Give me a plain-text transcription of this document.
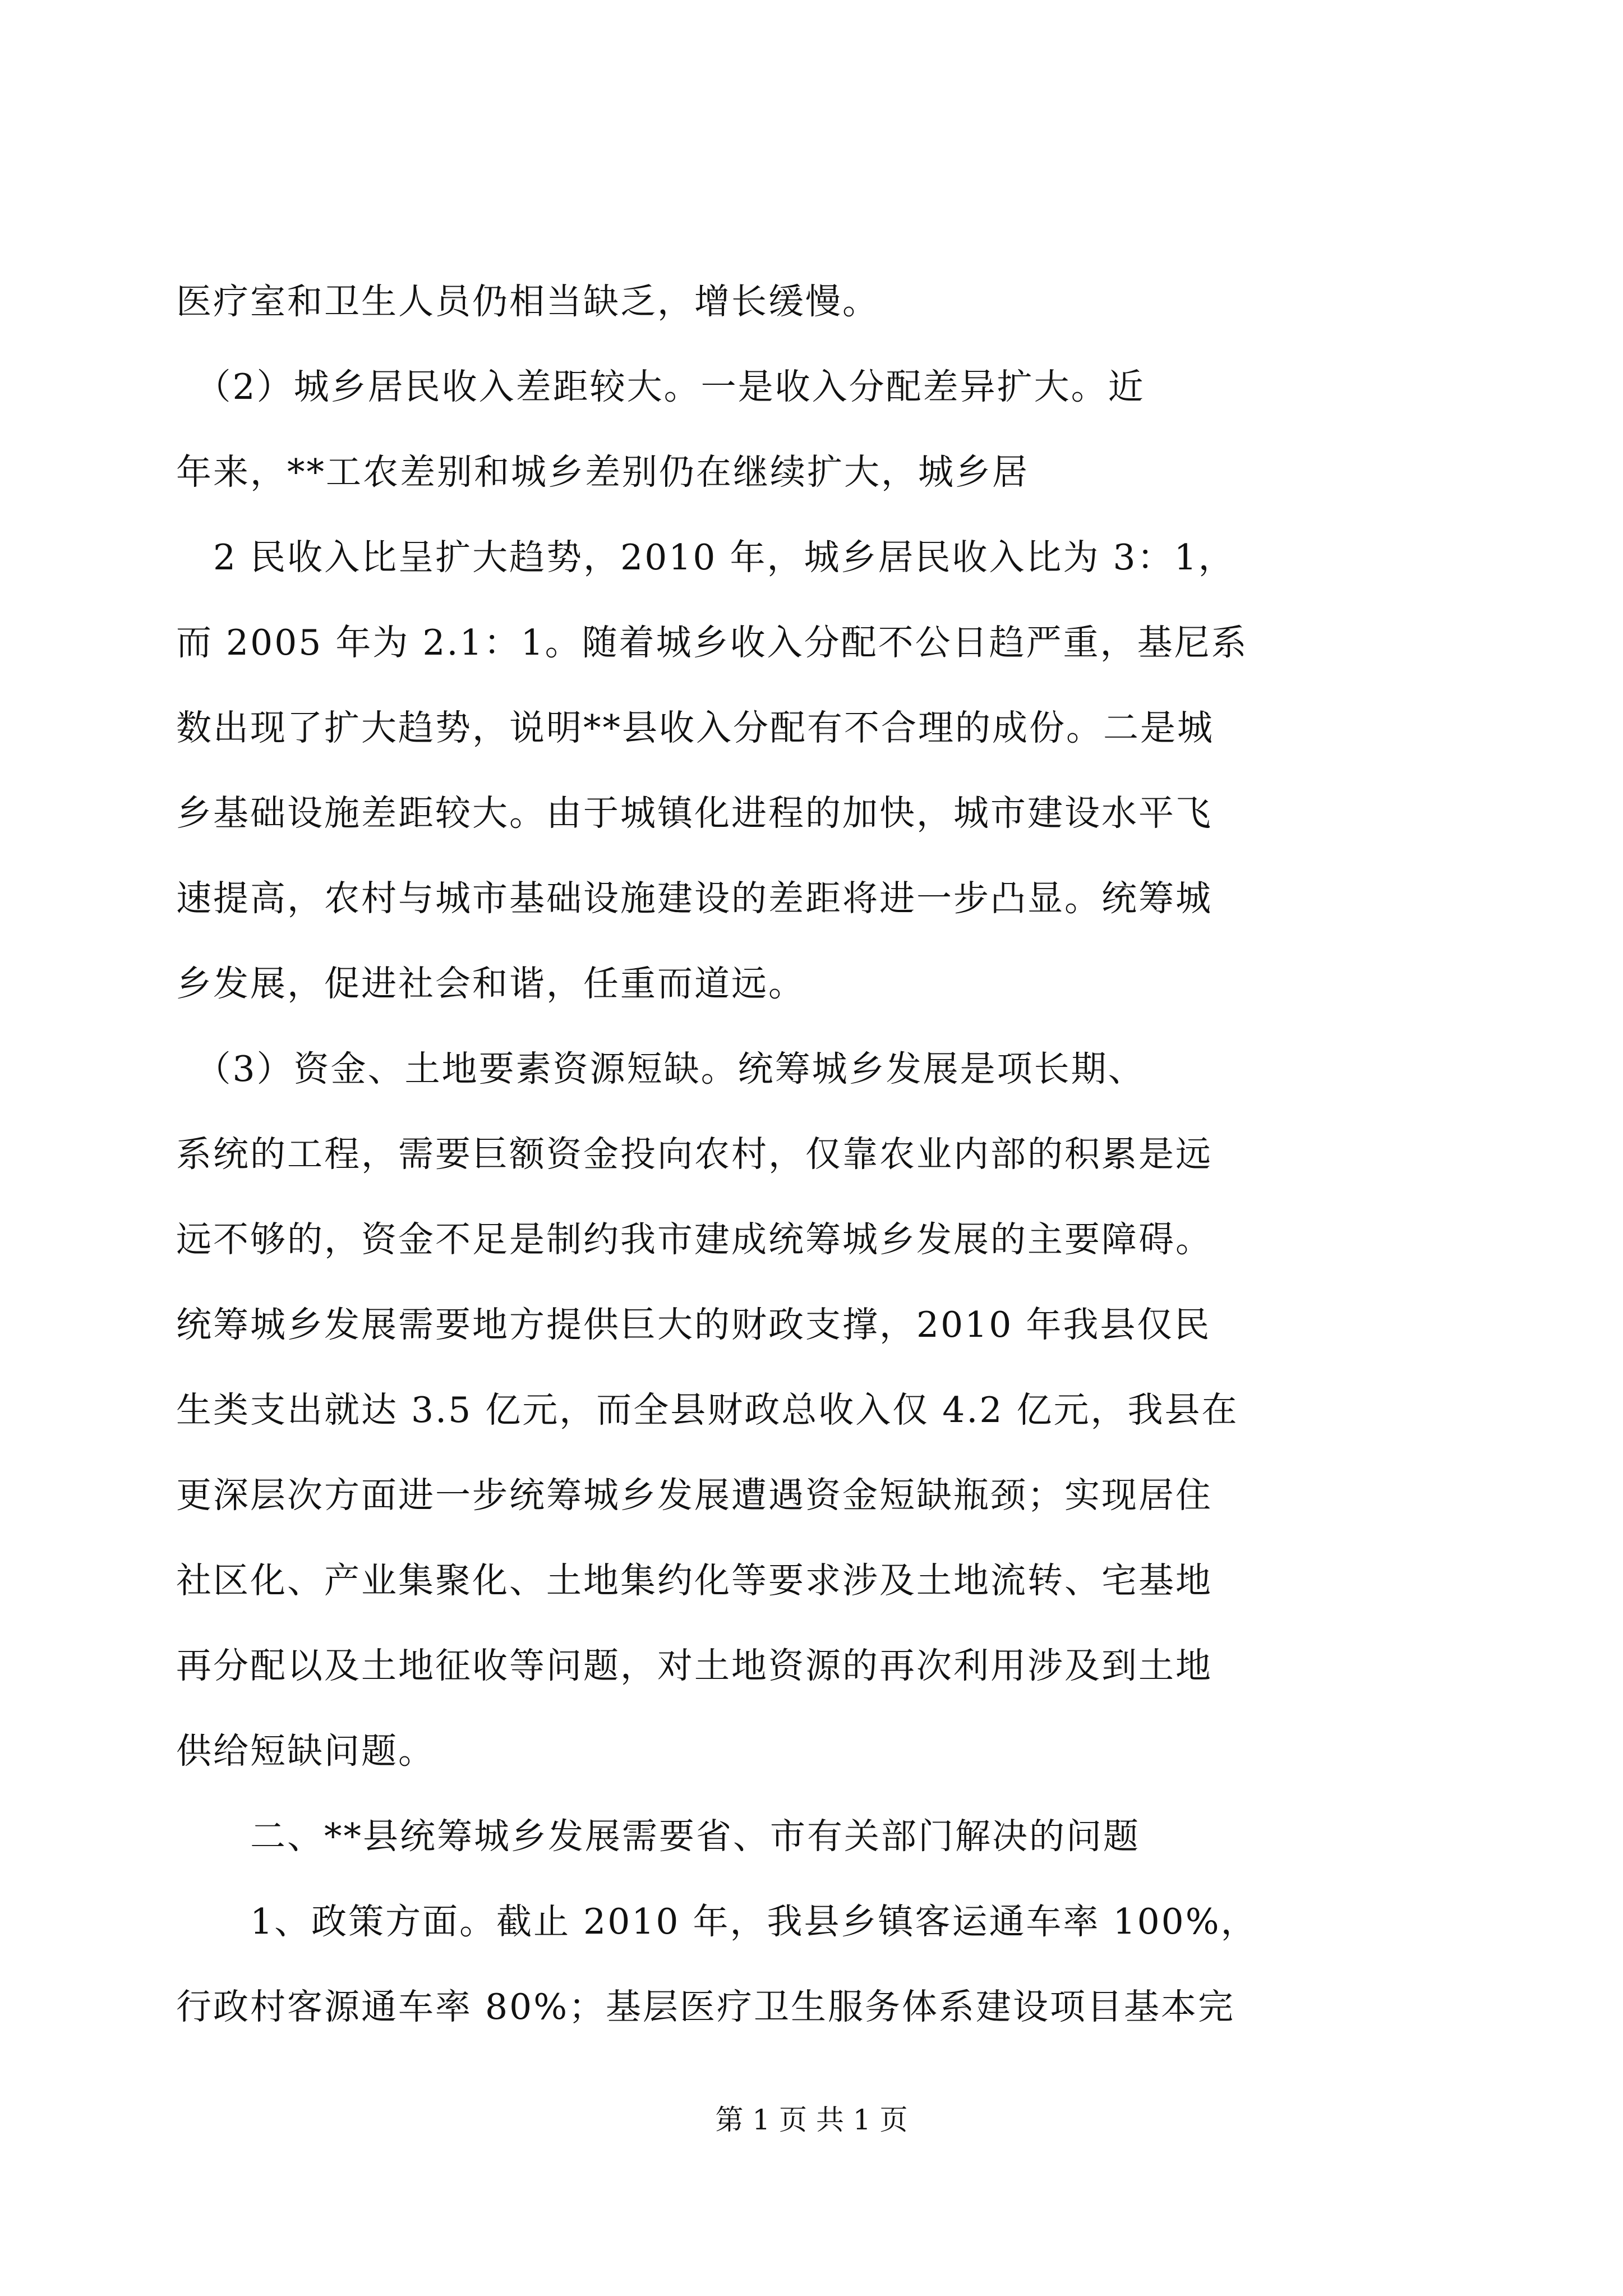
医疗室和卫生人员仍相当缺乏，增长缓慢。
　（2）城乡居民收入差距较大。一是收入分配差异扩大。近
年来，**工农差别和城乡差别仍在继续扩大，城乡居
　2 民收入比呈扩大趋势，2010 年，城乡居民收入比为 3：1，
而 2005 年为 2.1：1。随着城乡收入分配不公日趋严重，基尼系
数出现了扩大趋势，说明**县收入分配有不合理的成份。二是城
乡基础设施差距较大。由于城镇化进程的加快，城市建设水平飞
速提高，农村与城市基础设施建设的差距将进一步凸显。统筹城
乡发展，促进社会和谐，任重而道远。
　（3）资金、土地要素资源短缺。统筹城乡发展是项长期、
系统的工程，需要巨额资金投向农村，仅靠农业内部的积累是远
远不够的，资金不足是制约我市建成统筹城乡发展的主要障碍。
统筹城乡发展需要地方提供巨大的财政支撑，2010 年我县仅民
生类支出就达 3.5 亿元，而全县财政总收入仅 4.2 亿元，我县在
更深层次方面进一步统筹城乡发展遭遇资金短缺瓶颈；实现居住
社区化、产业集聚化、土地集约化等要求涉及土地流转、宅基地
再分配以及土地征收等问题，对土地资源的再次利用涉及到土地
供给短缺问题。
　　二、**县统筹城乡发展需要省、市有关部门解决的问题
　　1、政策方面。截止 2010 年，我县乡镇客运通车率 100%，
行政村客源通车率 80%；基层医疗卫生服务体系建设项目基本完
第 1 页 共 1 页
